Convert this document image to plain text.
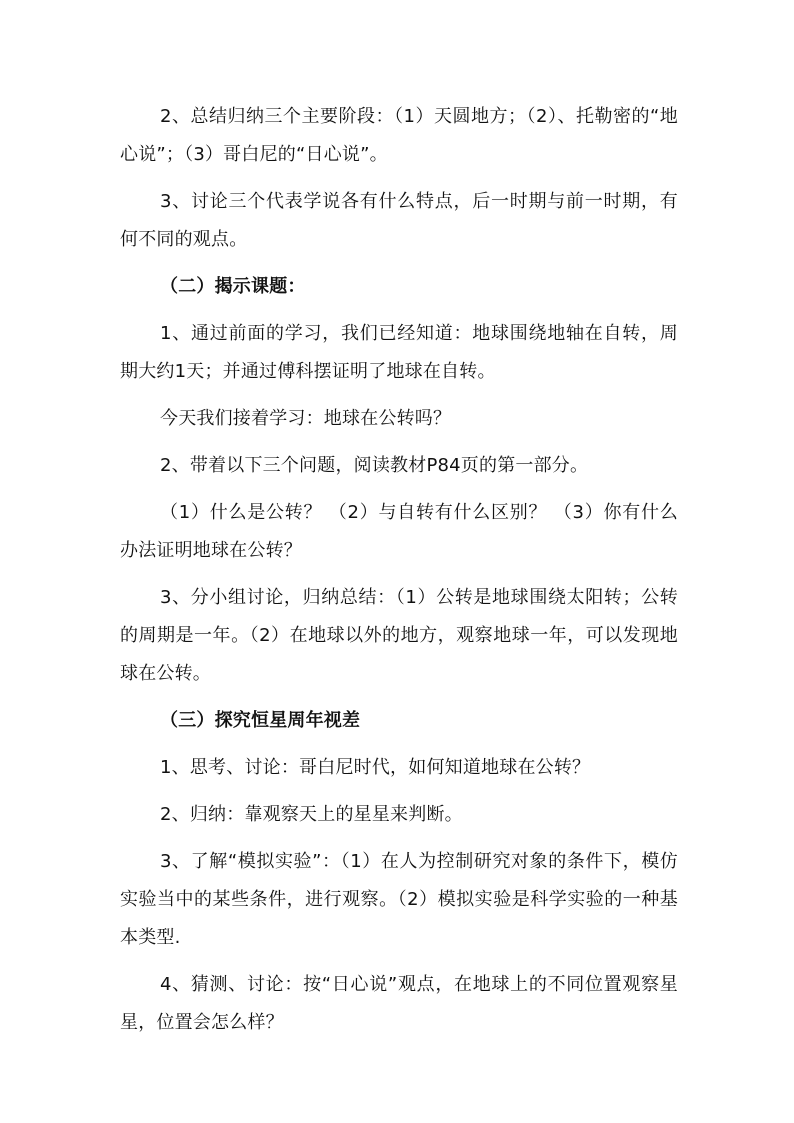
2、总结归纳三个主要阶段：（1）天圆地方；（2）、托勒密的“地心说”；（3）哥白尼的“日心说”。

3、讨论三个代表学说各有什么特点，后一时期与前一时期，有何不同的观点。

（二）揭示课题：

1、通过前面的学习，我们已经知道：地球围绕地轴在自转，周期大约1天；并通过傅科摆证明了地球在自转。

今天我们接着学习：地球在公转吗？

2、带着以下三个问题，阅读教材P84页的第一部分。

（1）什么是公转？ （2）与自转有什么区别？ （3）你有什么办法证明地球在公转？

3、分小组讨论，归纳总结：（1）公转是地球围绕太阳转；公转的周期是一年。（2）在地球以外的地方，观察地球一年，可以发现地球在公转。

（三）探究恒星周年视差

1、思考、讨论：哥白尼时代，如何知道地球在公转？

2、归纳：靠观察天上的星星来判断。

3、了解“模拟实验”：（1）在人为控制研究对象的条件下，模仿实验当中的某些条件，进行观察。（2）模拟实验是科学实验的一种基本类型.

4、猜测、讨论：按“日心说”观点，在地球上的不同位置观察星星，位置会怎么样？
